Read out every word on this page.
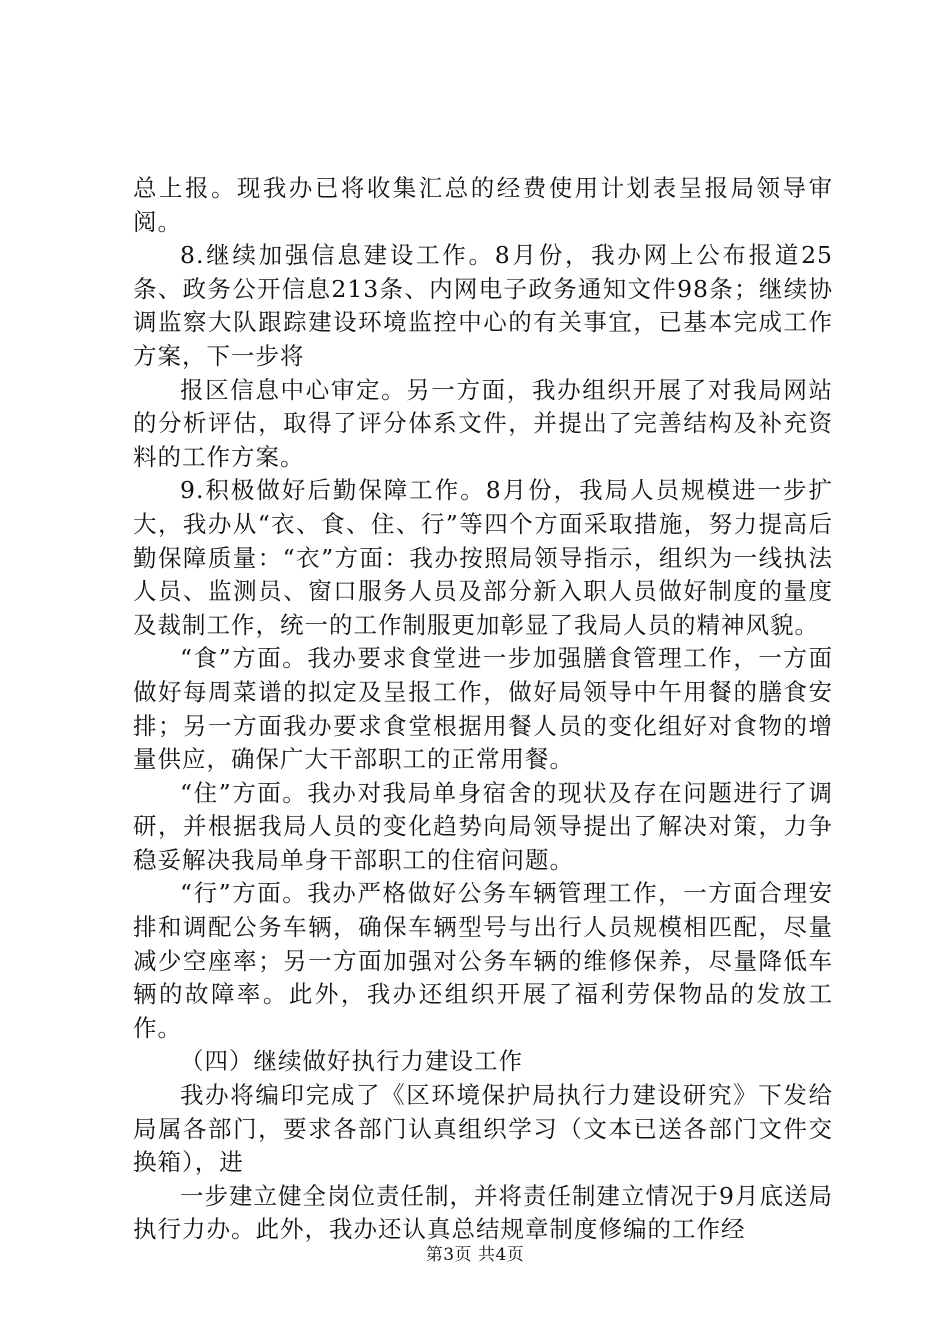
总上报。现我办已将收集汇总的经费使用计划表呈报局领导审阅。

8.继续加强信息建设工作。8月份，我办网上公布报道25条、政务公开信息213条、内网电子政务通知文件98条；继续协调监察大队跟踪建设环境监控中心的有关事宜，已基本完成工作方案，下一步将

报区信息中心审定。另一方面，我办组织开展了对我局网站的分析评估，取得了评分体系文件，并提出了完善结构及补充资料的工作方案。

9.积极做好后勤保障工作。8月份，我局人员规模进一步扩大，我办从“衣、食、住、行”等四个方面采取措施，努力提高后勤保障质量：“衣”方面：我办按照局领导指示，组织为一线执法人员、监测员、窗口服务人员及部分新入职人员做好制度的量度及裁制工作，统一的工作制服更加彰显了我局人员的精神风貌。

“食”方面。我办要求食堂进一步加强膳食管理工作，一方面做好每周菜谱的拟定及呈报工作，做好局领导中午用餐的膳食安排；另一方面我办要求食堂根据用餐人员的变化组好对食物的增量供应，确保广大干部职工的正常用餐。

“住”方面。我办对我局单身宿舍的现状及存在问题进行了调研，并根据我局人员的变化趋势向局领导提出了解决对策，力争稳妥解决我局单身干部职工的住宿问题。

“行”方面。我办严格做好公务车辆管理工作，一方面合理安排和调配公务车辆，确保车辆型号与出行人员规模相匹配，尽量减少空座率；另一方面加强对公务车辆的维修保养，尽量降低车辆的故障率。此外，我办还组织开展了福利劳保物品的发放工作。

（四）继续做好执行力建设工作

我办将编印完成了《区环境保护局执行力建设研究》下发给局属各部门，要求各部门认真组织学习（文本已送各部门文件交换箱），进

一步建立健全岗位责任制，并将责任制建立情况于9月底送局执行力办。此外，我办还认真总结规章制度修编的工作经

第3页 共4页
